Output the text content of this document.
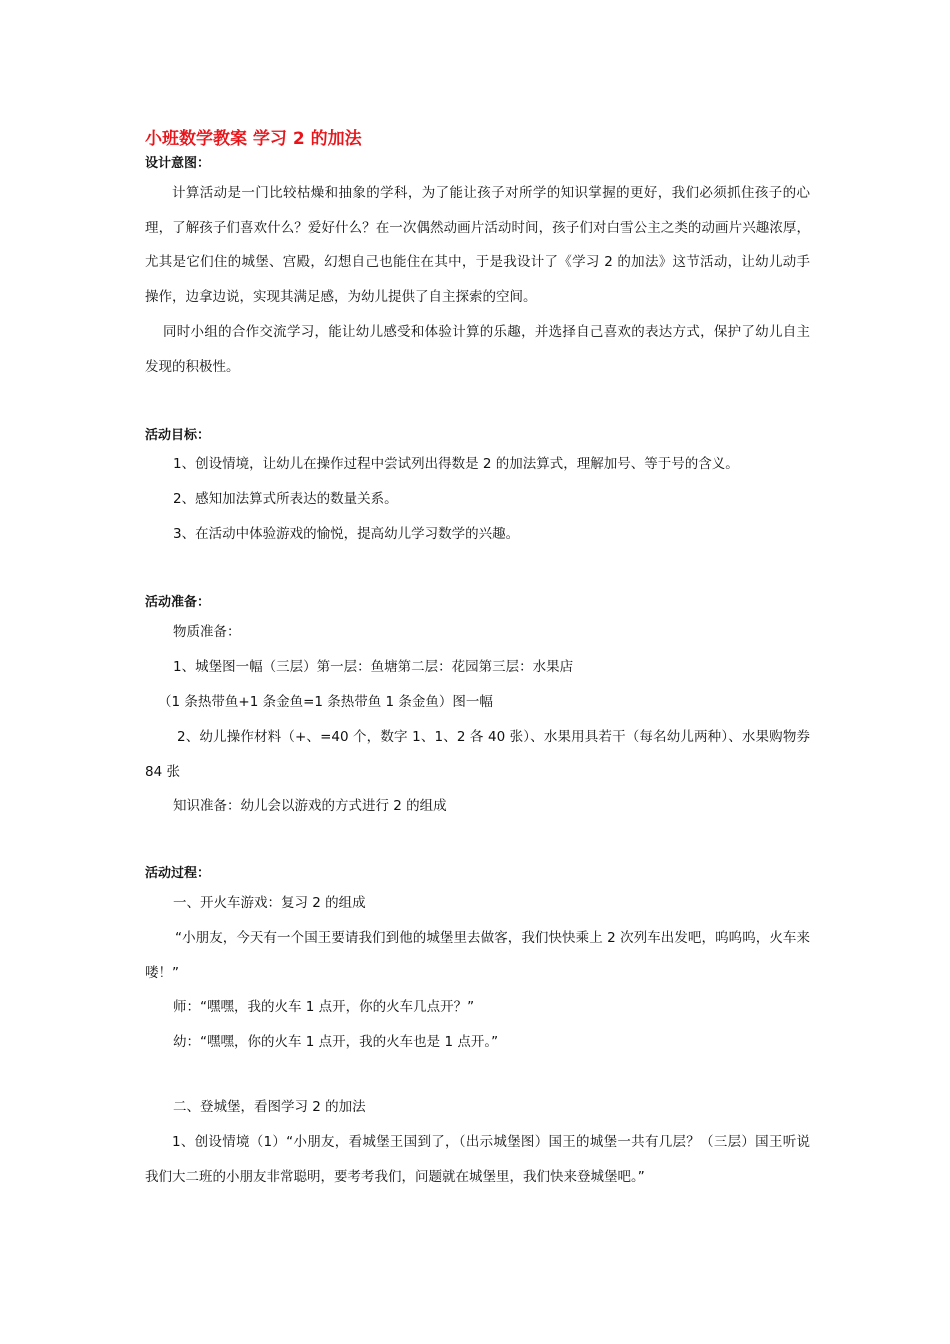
小班数学教案 学习 2 的加法
设计意图：
计算活动是一门比较枯燥和抽象的学科，为了能让孩子对所学的知识掌握的更好，我们必须抓住孩子的心理，了解孩子们喜欢什么？爱好什么？在一次偶然动画片活动时间，孩子们对白雪公主之类的动画片兴趣浓厚，尤其是它们住的城堡、宫殿，幻想自己也能住在其中，于是我设计了《学习 2 的加法》这节活动，让幼儿动手操作，边拿边说，实现其满足感，为幼儿提供了自主探索的空间。
同时小组的合作交流学习，能让幼儿感受和体验计算的乐趣，并选择自己喜欢的表达方式，保护了幼儿自主发现的积极性。
活动目标：
1、创设情境，让幼儿在操作过程中尝试列出得数是 2 的加法算式，理解加号、等于号的含义。
2、感知加法算式所表达的数量关系。
3、在活动中体验游戏的愉悦，提高幼儿学习数学的兴趣。
活动准备：
物质准备：
1、城堡图一幅（三层）第一层：鱼塘第二层：花园第三层：水果店
（1 条热带鱼+1 条金鱼=1 条热带鱼 1 条金鱼）图一幅
2、幼儿操作材料（+、=40 个，数字 1、1、2 各 40 张）、水果用具若干（每名幼儿两种）、水果购物券 84 张
知识准备：幼儿会以游戏的方式进行 2 的组成
活动过程：
一、开火车游戏：复习 2 的组成
“小朋友，今天有一个国王要请我们到他的城堡里去做客，我们快快乘上 2 次列车出发吧，呜呜呜，火车来喽！”
师：“嘿嘿，我的火车 1 点开，你的火车几点开？”
幼：“嘿嘿，你的火车 1 点开，我的火车也是 1 点开。”
二、登城堡，看图学习 2 的加法
1、创设情境（1）“小朋友，看城堡王国到了，（出示城堡图）国王的城堡一共有几层？（三层）国王听说我们大二班的小朋友非常聪明，要考考我们，问题就在城堡里，我们快来登城堡吧。”
